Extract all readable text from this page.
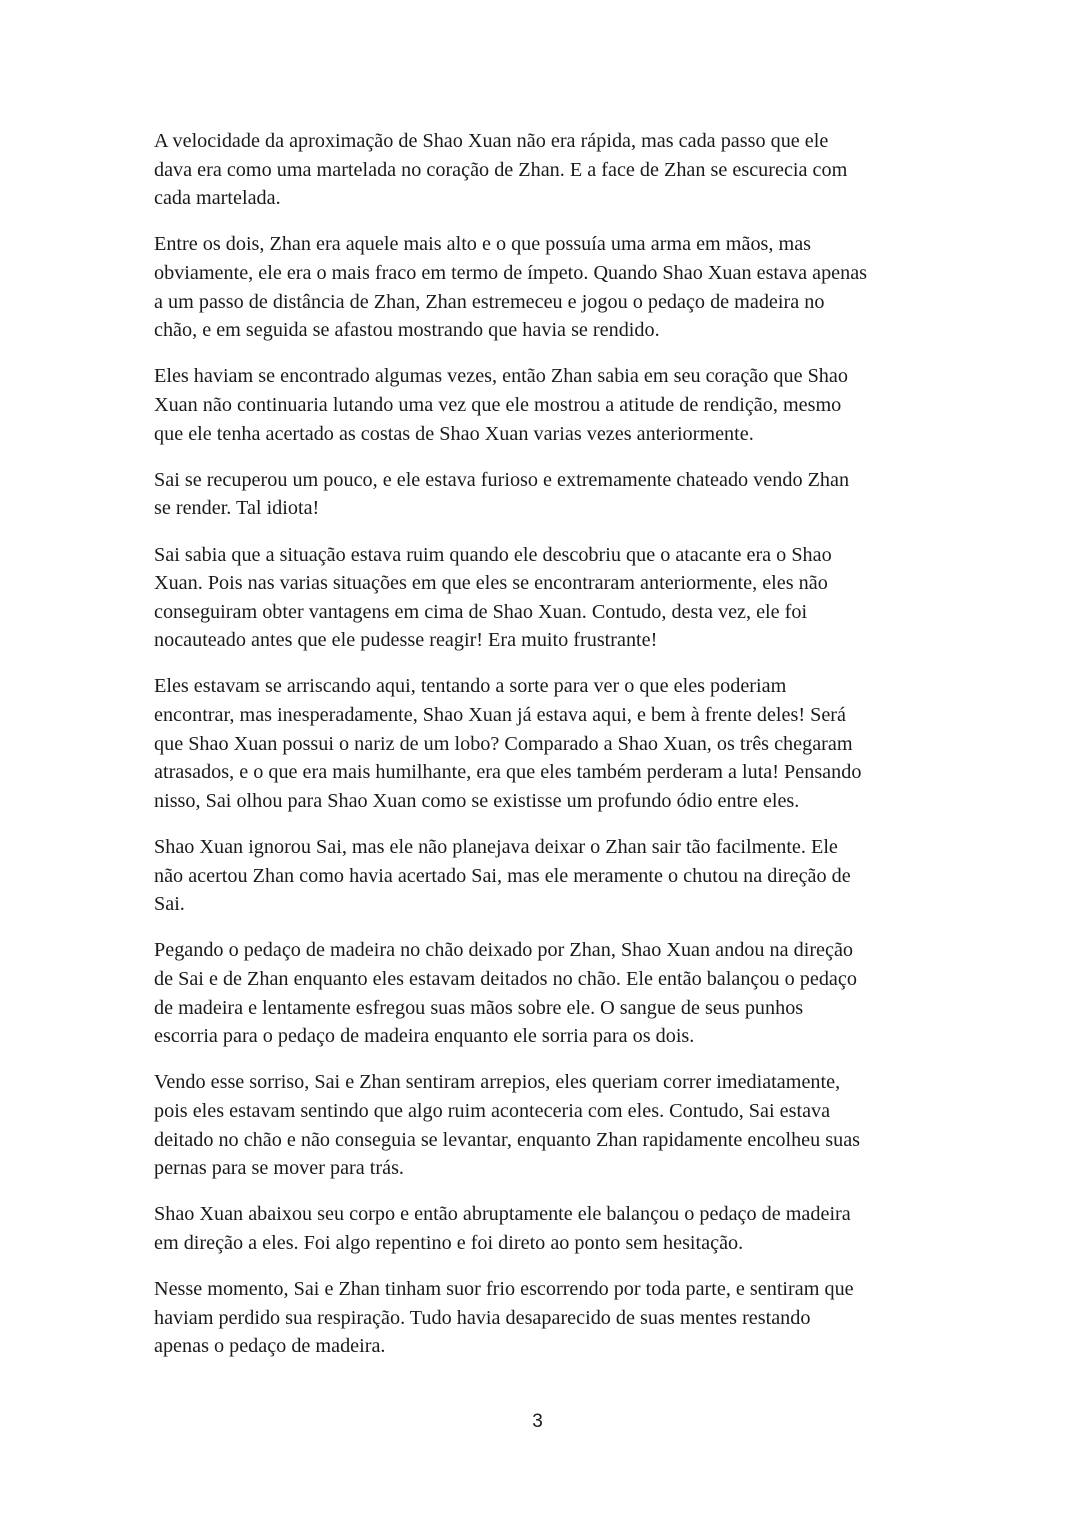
A velocidade da aproximação de Shao Xuan não era rápida, mas cada passo que ele
dava era como uma martelada no coração de Zhan. E a face de Zhan se escurecia com
cada martelada.

Entre os dois, Zhan era aquele mais alto e o que possuía uma arma em mãos, mas
obviamente, ele era o mais fraco em termo de ímpeto. Quando Shao Xuan estava apenas
a um passo de distância de Zhan, Zhan estremeceu e jogou o pedaço de madeira no
chão, e em seguida se afastou mostrando que havia se rendido.

Eles haviam se encontrado algumas vezes, então Zhan sabia em seu coração que Shao
Xuan não continuaria lutando uma vez que ele mostrou a atitude de rendição, mesmo
que ele tenha acertado as costas de Shao Xuan varias vezes anteriormente.

Sai se recuperou um pouco, e ele estava furioso e extremamente chateado vendo Zhan
se render. Tal idiota!

Sai sabia que a situação estava ruim quando ele descobriu que o atacante era o Shao
Xuan. Pois nas varias situações em que eles se encontraram anteriormente, eles não
conseguiram obter vantagens em cima de Shao Xuan. Contudo, desta vez, ele foi
nocauteado antes que ele pudesse reagir! Era muito frustrante!

Eles estavam se arriscando aqui, tentando a sorte para ver o que eles poderiam
encontrar, mas inesperadamente, Shao Xuan já estava aqui, e bem à frente deles! Será
que Shao Xuan possui o nariz de um lobo? Comparado a Shao Xuan, os três chegaram
atrasados, e o que era mais humilhante, era que eles também perderam a luta! Pensando
nisso, Sai olhou para Shao Xuan como se existisse um profundo ódio entre eles.

Shao Xuan ignorou Sai, mas ele não planejava deixar o Zhan sair tão facilmente. Ele
não acertou Zhan como havia acertado Sai, mas ele meramente o chutou na direção de
Sai.

Pegando o pedaço de madeira no chão deixado por Zhan, Shao Xuan andou na direção
de Sai e de Zhan enquanto eles estavam deitados no chão. Ele então balançou o pedaço
de madeira e lentamente esfregou suas mãos sobre ele. O sangue de seus punhos
escorria para o pedaço de madeira enquanto ele sorria para os dois.

Vendo esse sorriso, Sai e Zhan sentiram arrepios, eles queriam correr imediatamente,
pois eles estavam sentindo que algo ruim aconteceria com eles. Contudo, Sai estava
deitado no chão e não conseguia se levantar, enquanto Zhan rapidamente encolheu suas
pernas para se mover para trás.

Shao Xuan abaixou seu corpo e então abruptamente ele balançou o pedaço de madeira
em direção a eles. Foi algo repentino e foi direto ao ponto sem hesitação.

Nesse momento, Sai e Zhan tinham suor frio escorrendo por toda parte, e sentiram que
haviam perdido sua respiração. Tudo havia desaparecido de suas mentes restando
apenas o pedaço de madeira.

3
